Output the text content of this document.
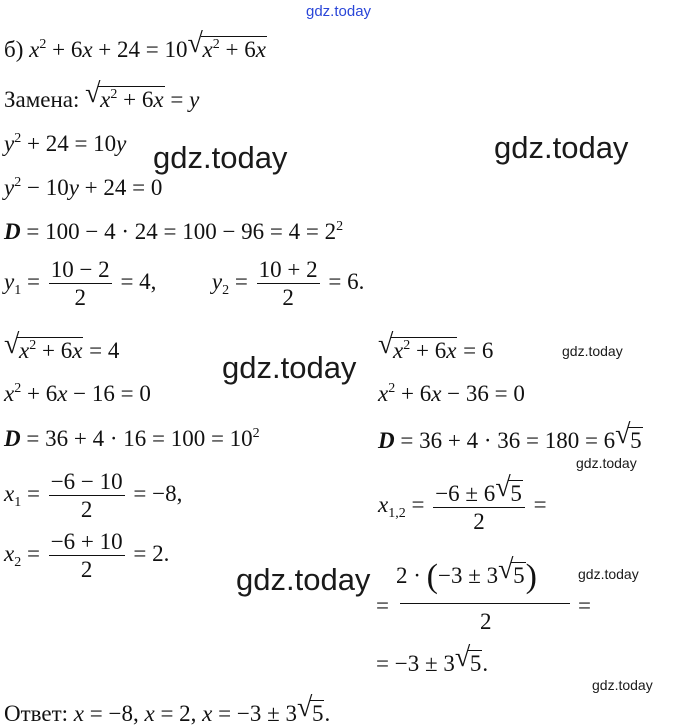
gdz.today
gdz.today	gdz.today
gdz.today	gdz.today
gdz.today
gdz.today	gdz.today
gdz.today
б) $x^2 + 6x + 24 = 10$ √ $x^2 + 6x$
Замена: √ $x^2 + 6x = y$
$y^2 + 24 = 10y$
$y^2 - 10y + 24 = 0$
$D = 100 - 4 \cdot 24 = 100 - 96 = 4 = 2^2$
$y_1 = \frac{10 - 2}{2} = 4$,  $y_2 = \frac{10 + 2}{2} = 6$.
√ $x^2 + 6x = 4$	√ $x^2 + 6x = 6$
$x^2 + 6x - 16 = 0$	$x^2 + 6x - 36 = 0$
$D = 36 + 4 \cdot 16 = 100 = 10^2$	D = 36 + 4 · 36 = 180 = 6 √ 5
$x_1 = \frac{-6 - 10}{2} = -8$,	$x_{1,2} = \frac{-6 \pm 6 √ 5}{2}$ =
$x_2 = \frac{-6 + 10}{2} = 2$.
2 · (−3 ± 3 √ 5)
=	=
2
= −3 ± 3 √ 5.
Ответ: x = −8, x = 2, x = −3 ± 3 √ 5.
